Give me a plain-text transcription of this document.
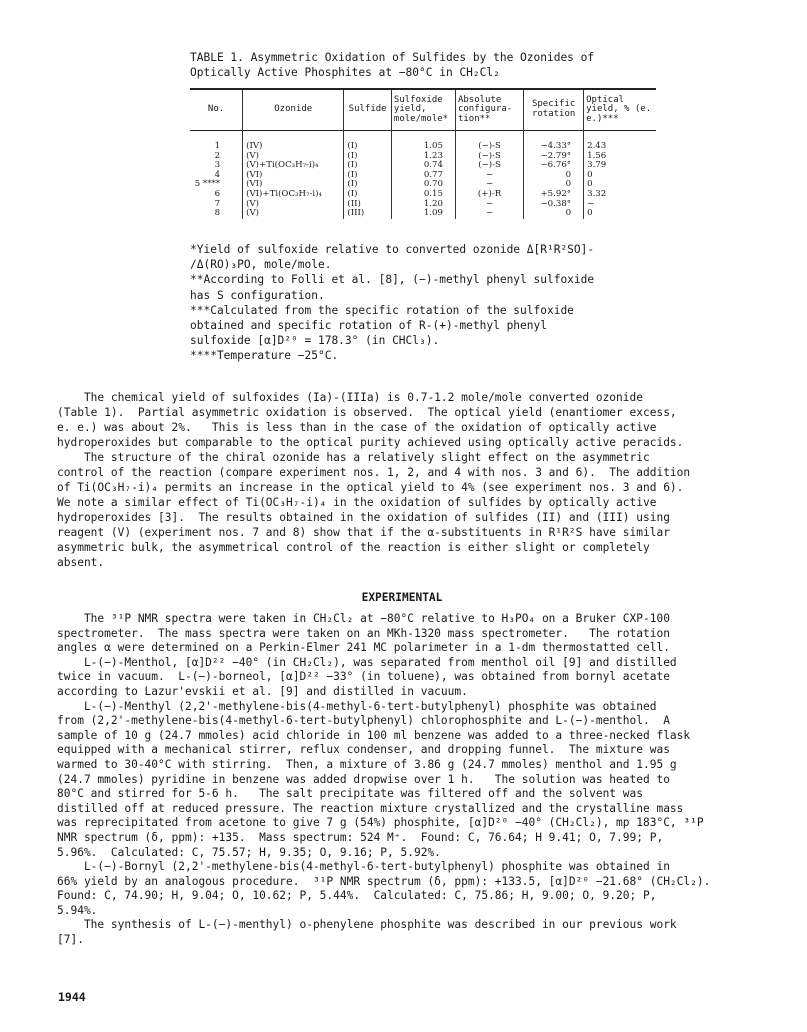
TABLE 1. Asymmetric Oxidation of Sulfides by the Ozonides of
Optically Active Phosphites at −80°C in CH₂Cl₂
No.	Ozonide	Sulfide	Sulfoxide yield, mole/mole*	Absolute configura-tion**	Specific rotation	Optical yield, % (e. e.)***
1	(IV)	(I)	1.05	(−)-S	−4.33°	2.43
2	(V)	(I)	1.23	(−)-S	−2.79°	1.56
3	(V)+Ti(OC₃H₇-i)₄	(I)	0.74	(−)-S	−6.76°	3.79
4	(VI)	(I)	0.77	−	0	0
5 ****	(VI)	(I)	0.70	−	0	0
6	(VI)+Ti(OC₃H₇-i)₄	(I)	0.15	(+)-R	+5.92°	3.32
7	(V)	(II)	1.20	−	−0.38°	−
8	(V)	(III)	1.09	−	0	0
*Yield of sulfoxide relative to converted ozonide Δ[R¹R²SO]-
/Δ(RO)₃PO, mole/mole.
**According to Folli et al. [8], (−)-methyl phenyl sulfoxide
has S configuration.
***Calculated from the specific rotation of the sulfoxide
obtained and specific rotation of R-(+)-methyl phenyl
sulfoxide [α]D²⁰ = 178.3° (in CHCl₃).
****Temperature −25°C.
The chemical yield of sulfoxides (Ia)-(IIIa) is 0.7-1.2 mole/mole converted ozonide
(Table 1).  Partial asymmetric oxidation is observed.  The optical yield (enantiomer excess,
e. e.) was about 2%.   This is less than in the case of the oxidation of optically active
hydroperoxides but comparable to the optical purity achieved using optically active peracids.
The structure of the chiral ozonide has a relatively slight effect on the asymmetric
control of the reaction (compare experiment nos. 1, 2, and 4 with nos. 3 and 6).  The addition
of Ti(OC₃H₇-i)₄ permits an increase in the optical yield to 4% (see experiment nos. 3 and 6).
We note a similar effect of Ti(OC₃H₇-i)₄ in the oxidation of sulfides by optically active
hydroperoxides [3].  The results obtained in the oxidation of sulfides (II) and (III) using
reagent (V) (experiment nos. 7 and 8) show that if the α-substituents in R¹R²S have similar
asymmetric bulk, the asymmetrical control of the reaction is either slight or completely
absent.
EXPERIMENTAL
The ³¹P NMR spectra were taken in CH₂Cl₂ at −80°C relative to H₃PO₄ on a Bruker CXP-100
spectrometer.  The mass spectra were taken on an MKh-1320 mass spectrometer.   The rotation
angles α were determined on a Perkin-Elmer 241 MC polarimeter in a 1-dm thermostatted cell.
L-(−)-Menthol, [α]D²² −40° (in CH₂Cl₂), was separated from menthol oil [9] and distilled
twice in vacuum.  L-(−)-borneol, [α]D²² −33° (in toluene), was obtained from bornyl acetate
according to Lazur'evskii et al. [9] and distilled in vacuum.
L-(−)-Menthyl (2,2'-methylene-bis(4-methyl-6-tert-butylphenyl) phosphite was obtained
from (2,2'-methylene-bis(4-methyl-6-tert-butylphenyl) chlorophosphite and L-(−)-menthol.  A
sample of 10 g (24.7 mmoles) acid chloride in 100 ml benzene was added to a three-necked flask
equipped with a mechanical stirrer, reflux condenser, and dropping funnel.  The mixture was
warmed to 30-40°C with stirring.  Then, a mixture of 3.86 g (24.7 mmoles) menthol and 1.95 g
(24.7 mmoles) pyridine in benzene was added dropwise over 1 h.   The solution was heated to
80°C and stirred for 5-6 h.   The salt precipitate was filtered off and the solvent was
distilled off at reduced pressure. The reaction mixture crystallized and the crystalline mass
was reprecipitated from acetone to give 7 g (54%) phosphite, [α]D²⁰ −40° (CH₂Cl₂), mp 183°C, ³¹P
NMR spectrum (δ, ppm): +135.  Mass spectrum: 524 M⁺.  Found: C, 76.64; H 9.41; O, 7.99; P,
5.96%.  Calculated: C, 75.57; H, 9.35; O, 9.16; P, 5.92%.
L-(−)-Bornyl (2,2'-methylene-bis(4-methyl-6-tert-butylphenyl) phosphite was obtained in
66% yield by an analogous procedure.  ³¹P NMR spectrum (δ, ppm): +133.5, [α]D²⁰ −21.68° (CH₂Cl₂).
Found: C, 74.90; H, 9.04; O, 10.62; P, 5.44%.  Calculated: C, 75.86; H, 9.00; O, 9.20; P,
5.94%.
The synthesis of L-(−)-menthyl) o-phenylene phosphite was described in our previous work
[7].
1944
